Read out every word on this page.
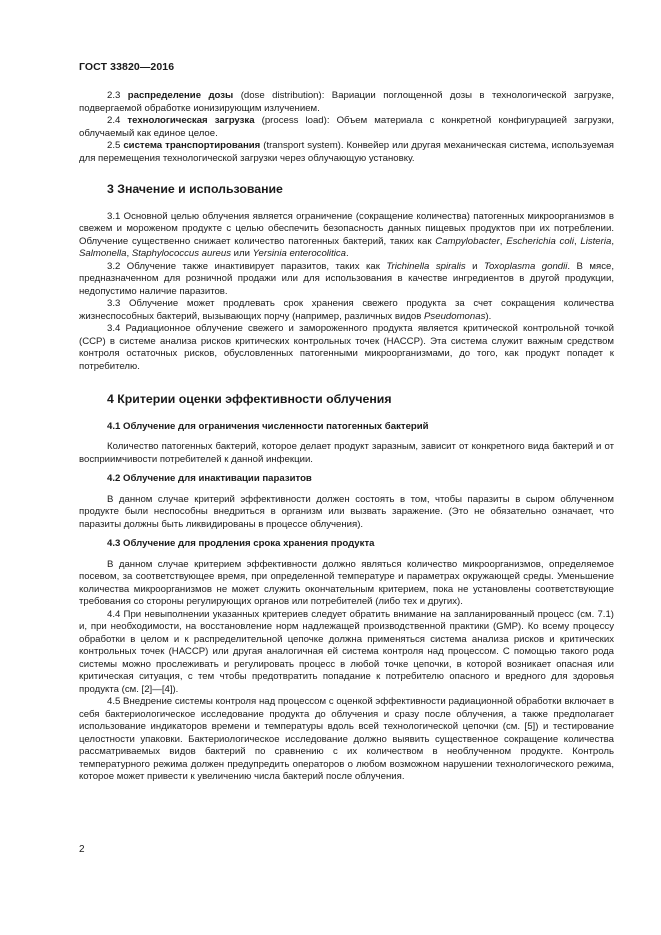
ГОСТ 33820—2016

2.3 распределение дозы (dose distribution): Вариации поглощенной дозы в технологической загрузке, подвергаемой обработке ионизирующим излучением.

2.4 технологическая загрузка (process load): Объем материала с конкретной конфигурацией загрузки, облучаемый как единое целое.

2.5 система транспортирования (transport system). Конвейер или другая механическая система, используемая для перемещения технологической загрузки через облучающую установку.

3 Значение и использование

3.1 Основной целью облучения является ограничение (сокращение количества) патогенных микроорганизмов в свежем и мороженом продукте с целью обеспечить безопасность данных пищевых продуктов при их потреблении. Облучение существенно снижает количество патогенных бактерий, таких как Campylobacter, Escherichia coli, Listeria, Salmonella, Staphylococcus aureus или Yersinia enterocolitica.

3.2 Облучение также инактивирует паразитов, таких как Trichinella spiralis и Toxoplasma gondii. В мясе, предназначенном для розничной продажи или для использования в качестве ингредиентов в другой продукции, недопустимо наличие паразитов.

3.3 Облучение может продлевать срок хранения свежего продукта за счет сокращения количества жизнеспособных бактерий, вызывающих порчу (например, различных видов Pseudomonas).

3.4 Радиационное облучение свежего и замороженного продукта является критической контрольной точкой (CCP) в системе анализа рисков критических контрольных точек (НАССР). Эта система служит важным средством контроля остаточных рисков, обусловленных патогенными микроорганизмами, до того, как продукт попадет к потребителю.

4 Критерии оценки эффективности облучения
4.1 Облучение для ограничения численности патогенных бактерий

Количество патогенных бактерий, которое делает продукт заразным, зависит от конкретного вида бактерий и от восприимчивости потребителей к данной инфекции.

4.2 Облучение для инактивации паразитов

В данном случае критерий эффективности должен состоять в том, чтобы паразиты в сыром облученном продукте были неспособны внедриться в организм или вызвать заражение. (Это не обязательно означает, что паразиты должны быть ликвидированы в процессе облучения).

4.3 Облучение для продления срока хранения продукта

В данном случае критерием эффективности должно являться количество микроорганизмов, определяемое посевом, за соответствующее время, при определенной температуре и параметрах окружающей среды. Уменьшение количества микроорганизмов не может служить окончательным критерием, пока не установлены соответствующие требования со стороны регулирующих органов или потребителей (либо тех и других).

4.4 При невыполнении указанных критериев следует обратить внимание на запланированный процесс (см. 7.1) и, при необходимости, на восстановление норм надлежащей производственной практики (GMP). Ко всему процессу обработки в целом и к распределительной цепочке должна применяться система анализа рисков и критических контрольных точек (НАССР) или другая аналогичная ей система контроля над процессом. С помощью такого рода системы можно прослеживать и регулировать процесс в любой точке цепочки, в которой возникает опасная или критическая ситуация, с тем чтобы предотвратить попадание к потребителю опасного и вредного для здоровья продукта (см. [2]—[4]).

4.5 Внедрение системы контроля над процессом с оценкой эффективности радиационной обработки включает в себя бактериологическое исследование продукта до облучения и сразу после облучения, а также предполагает использование индикаторов времени и температуры вдоль всей технологической цепочки (см. [5]) и тестирование целостности упаковки. Бактериологическое исследование должно выявить существенное сокращение количества рассматриваемых видов бактерий по сравнению с их количеством в необлученном продукте. Контроль температурного режима должен предупредить операторов о любом возможном нарушении технологического режима, которое может привести к увеличению числа бактерий после облучения.

2
